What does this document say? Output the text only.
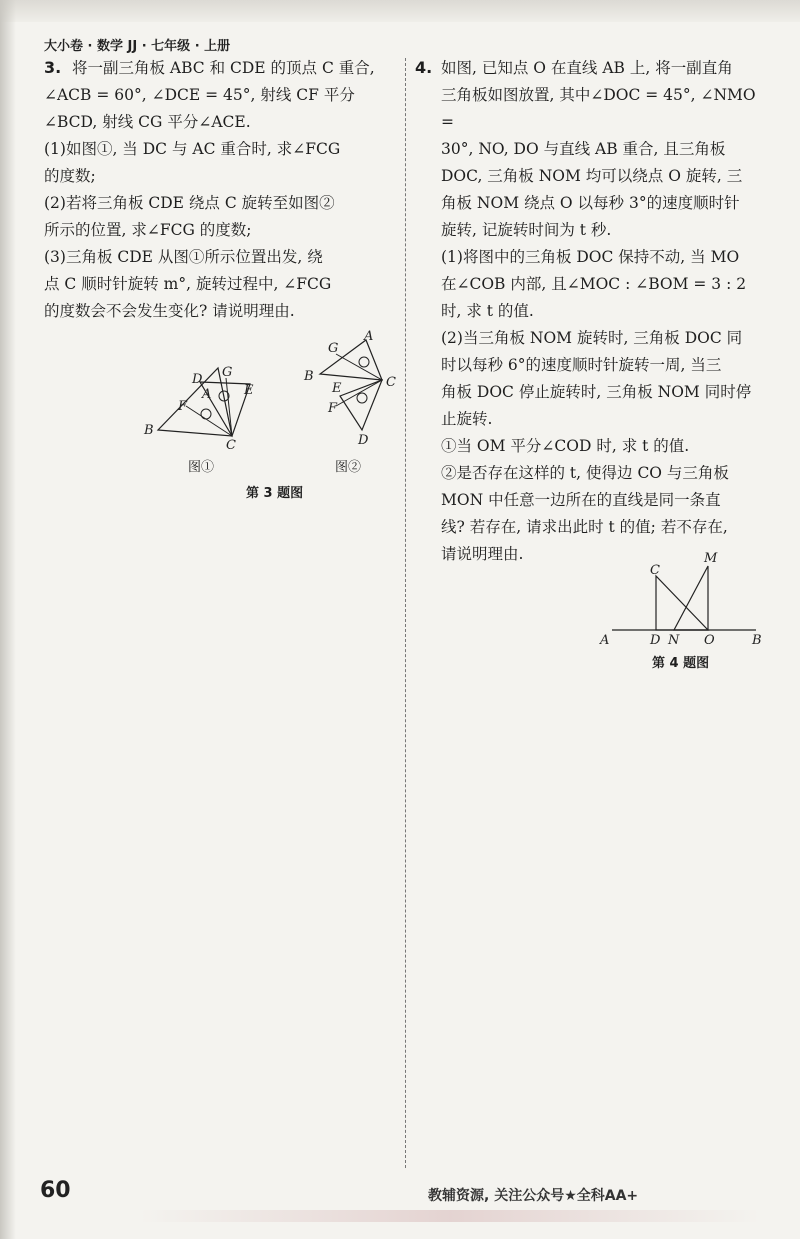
大小卷 · 数学 JJ · 七年级 · 上册
3. 将一副三角板 ABC 和 CDE 的顶点 C 重合,

∠ACB = 60°, ∠DCE = 45°, 射线 CF 平分

∠BCD, 射线 CG 平分∠ACE.

(1)如图①, 当 DC 与 AC 重合时, 求∠FCG

的度数;

(2)若将三角板 CDE 绕点 C 旋转至如图②

所示的位置, 求∠FCG 的度数;

(3)三角板 CDE 从图①所示位置出发, 绕

点 C 顺时针旋转 m°, 旋转过程中, ∠FCG

的度数会不会发生变化? 请说明理由.

D G
E
A
F
B
C
图①
G
A
B
E
F
C
D
图②
第 3 题图
4. 如图, 已知点 O 在直线 AB 上, 将一副直角

三角板如图放置, 其中∠DOC = 45°, ∠NMO =

30°, NO, DO 与直线 AB 重合, 且三角板

DOC, 三角板 NOM 均可以绕点 O 旋转, 三

角板 NOM 绕点 O 以每秒 3°的速度顺时针

旋转, 记旋转时间为 t 秒.

(1)将图中的三角板 DOC 保持不动, 当 MO

在∠COB 内部, 且∠MOC : ∠BOM = 3 : 2

时, 求 t 的值.

(2)当三角板 NOM 旋转时, 三角板 DOC 同

时以每秒 6°的速度顺时针旋转一周, 当三

角板 DOC 停止旋转时, 三角板 NOM 同时停

止旋转.

①当 OM 平分∠COD 时, 求 t 的值.

②是否存在这样的 t, 使得边 CO 与三角板

MON 中任意一边所在的直线是同一条直

线? 若存在, 请求出此时 t 的值; 若不存在,

请说明理由.	M
C
A	D N O	B
第 4 题图
60	教辅资源, 关注公众号★全科AA+
